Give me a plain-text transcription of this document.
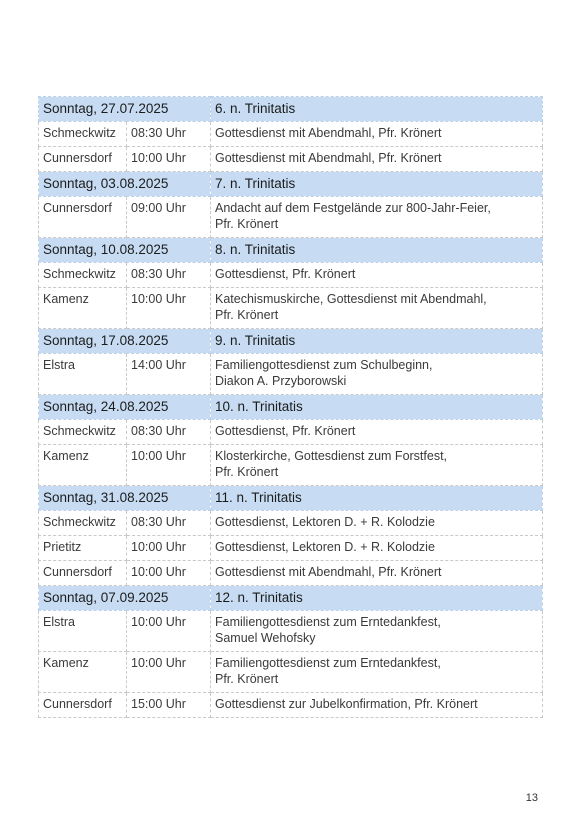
Sonntag, 27.07.2025		6. n. Trinitatis
Schmeckwitz	08:30 Uhr	Gottesdienst mit Abendmahl, Pfr. Krönert

Cunnersdorf	10:00 Uhr	Gottesdienst mit Abendmahl, Pfr. Krönert

Sonntag, 03.08.2025		7. n. Trinitatis
Cunnersdorf	09:00 Uhr	Andacht auf dem Festgelände zur 800-Jahr-Feier,
Pfr. Krönert

Sonntag, 10.08.2025		8. n. Trinitatis
Schmeckwitz	08:30 Uhr	Gottesdienst, Pfr. Krönert

Kamenz	10:00 Uhr	Katechismuskirche, Gottesdienst mit Abendmahl,
Pfr. Krönert

Sonntag, 17.08.2025		9. n. Trinitatis
Elstra	14:00 Uhr	Familiengottesdienst zum Schulbeginn,
Diakon A. Przyborowski

Sonntag, 24.08.2025		10. n. Trinitatis
Schmeckwitz	08:30 Uhr	Gottesdienst, Pfr. Krönert

Kamenz	10:00 Uhr	Klosterkirche, Gottesdienst zum Forstfest,
Pfr. Krönert

Sonntag, 31.08.2025		11. n. Trinitatis
Schmeckwitz	08:30 Uhr	Gottesdienst, Lektoren D. + R. Kolodzie

Prietitz	10:00 Uhr	Gottesdienst, Lektoren D. + R. Kolodzie

Cunnersdorf	10:00 Uhr	Gottesdienst mit Abendmahl, Pfr. Krönert

Sonntag, 07.09.2025		12. n. Trinitatis
Elstra	10:00 Uhr	Familiengottesdienst zum Erntedankfest,
Samuel Wehofsky

Kamenz	10:00 Uhr	Familiengottesdienst zum Erntedankfest,
Pfr. Krönert

Cunnersdorf	15:00 Uhr	Gottesdienst zur Jubelkonfirmation, Pfr. Krönert
13
